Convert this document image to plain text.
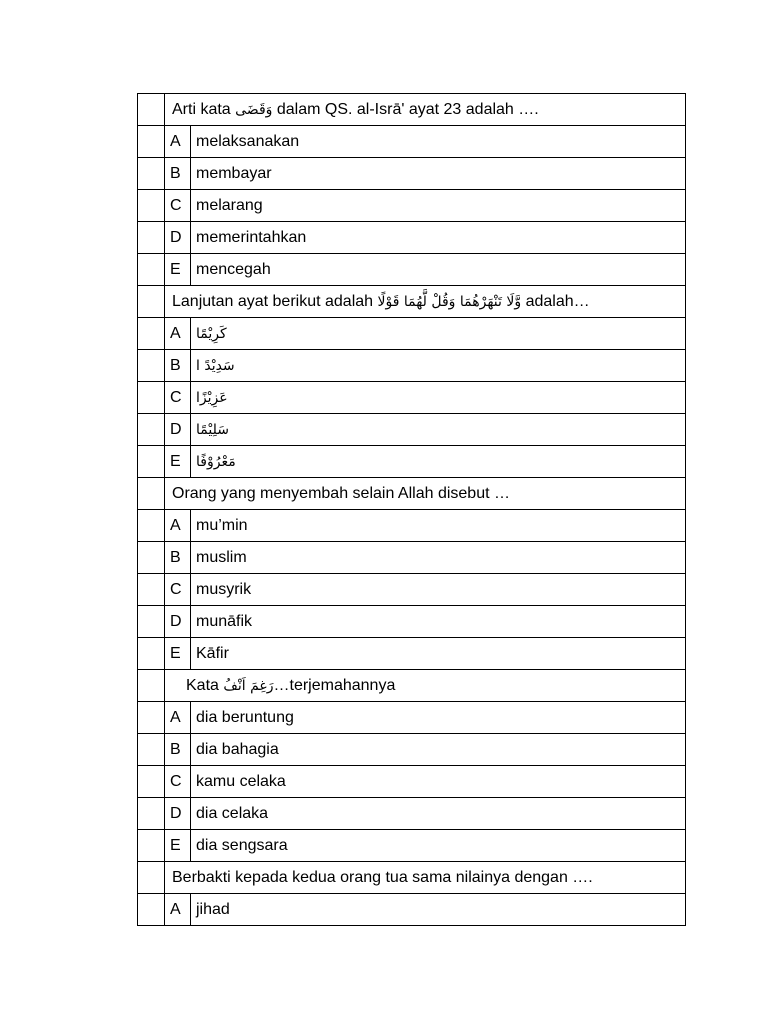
	Arti kata وَقَضَى dalam QS. al-Isrā' ayat 23 adalah ….	
	A	melaksanakan
	B	membayar
	C	melarang
	D	memerintahkan
	E	mencegah
	Lanjutan ayat berikut adalah وَّلَا تَنْهَرْهُمَا وَقُلْ لَّهُمَا قَوْلًا adalah…	
	A	كَرِيْمًا
	B	سَدِيْدً ا
	C	عَزِيْزًا
	D	سَلِيْمًا
	E	مَعْرُوْفًا
	Orang yang menyembah selain Allah disebut …	
	A	mu’min
	B	muslim
	C	musyrik
	D	munāfik
	E	Kāfir
	Kata رَغِمَ اَنْفُ…terjemahannya	
	A	dia beruntung
	B	dia bahagia
	C	kamu celaka
	D	dia celaka
	E	dia sengsara
	Berbakti kepada kedua orang tua sama nilainya dengan ….	
	A	jihad
